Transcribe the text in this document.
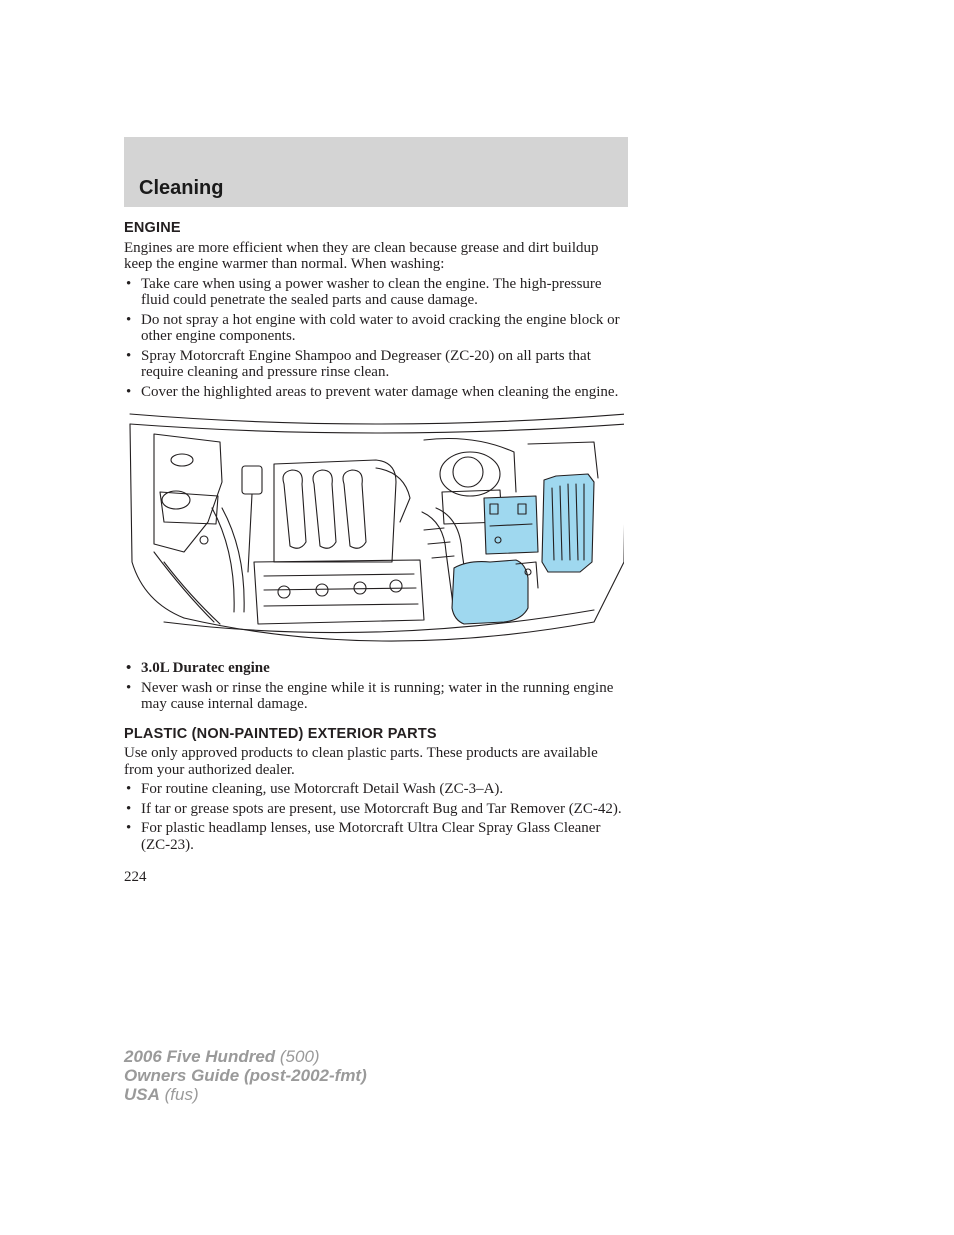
Cleaning
ENGINE

Engines are more efficient when they are clean because grease and dirt buildup keep the engine warmer than normal. When washing:

• Take care when using a power washer to clean the engine. The high-pressure fluid could penetrate the sealed parts and cause damage.
• Do not spray a hot engine with cold water to avoid cracking the engine block or other engine components.
• Spray Motorcraft Engine Shampoo and Degreaser (ZC-20) on all parts that require cleaning and pressure rinse clean.
• Cover the highlighted areas to prevent water damage when cleaning the engine.
• 3.0L Duratec engine
• Never wash or rinse the engine while it is running; water in the running engine may cause internal damage.
PLASTIC (NON-PAINTED) EXTERIOR PARTS

Use only approved products to clean plastic parts. These products are available from your authorized dealer.

• For routine cleaning, use Motorcraft Detail Wash (ZC-3–A).
• If tar or grease spots are present, use Motorcraft Bug and Tar Remover (ZC-42).
• For plastic headlamp lenses, use Motorcraft Ultra Clear Spray Glass Cleaner (ZC-23).
224
2006 Five Hundred (500)
Owners Guide (post-2002-fmt)
USA (fus)
